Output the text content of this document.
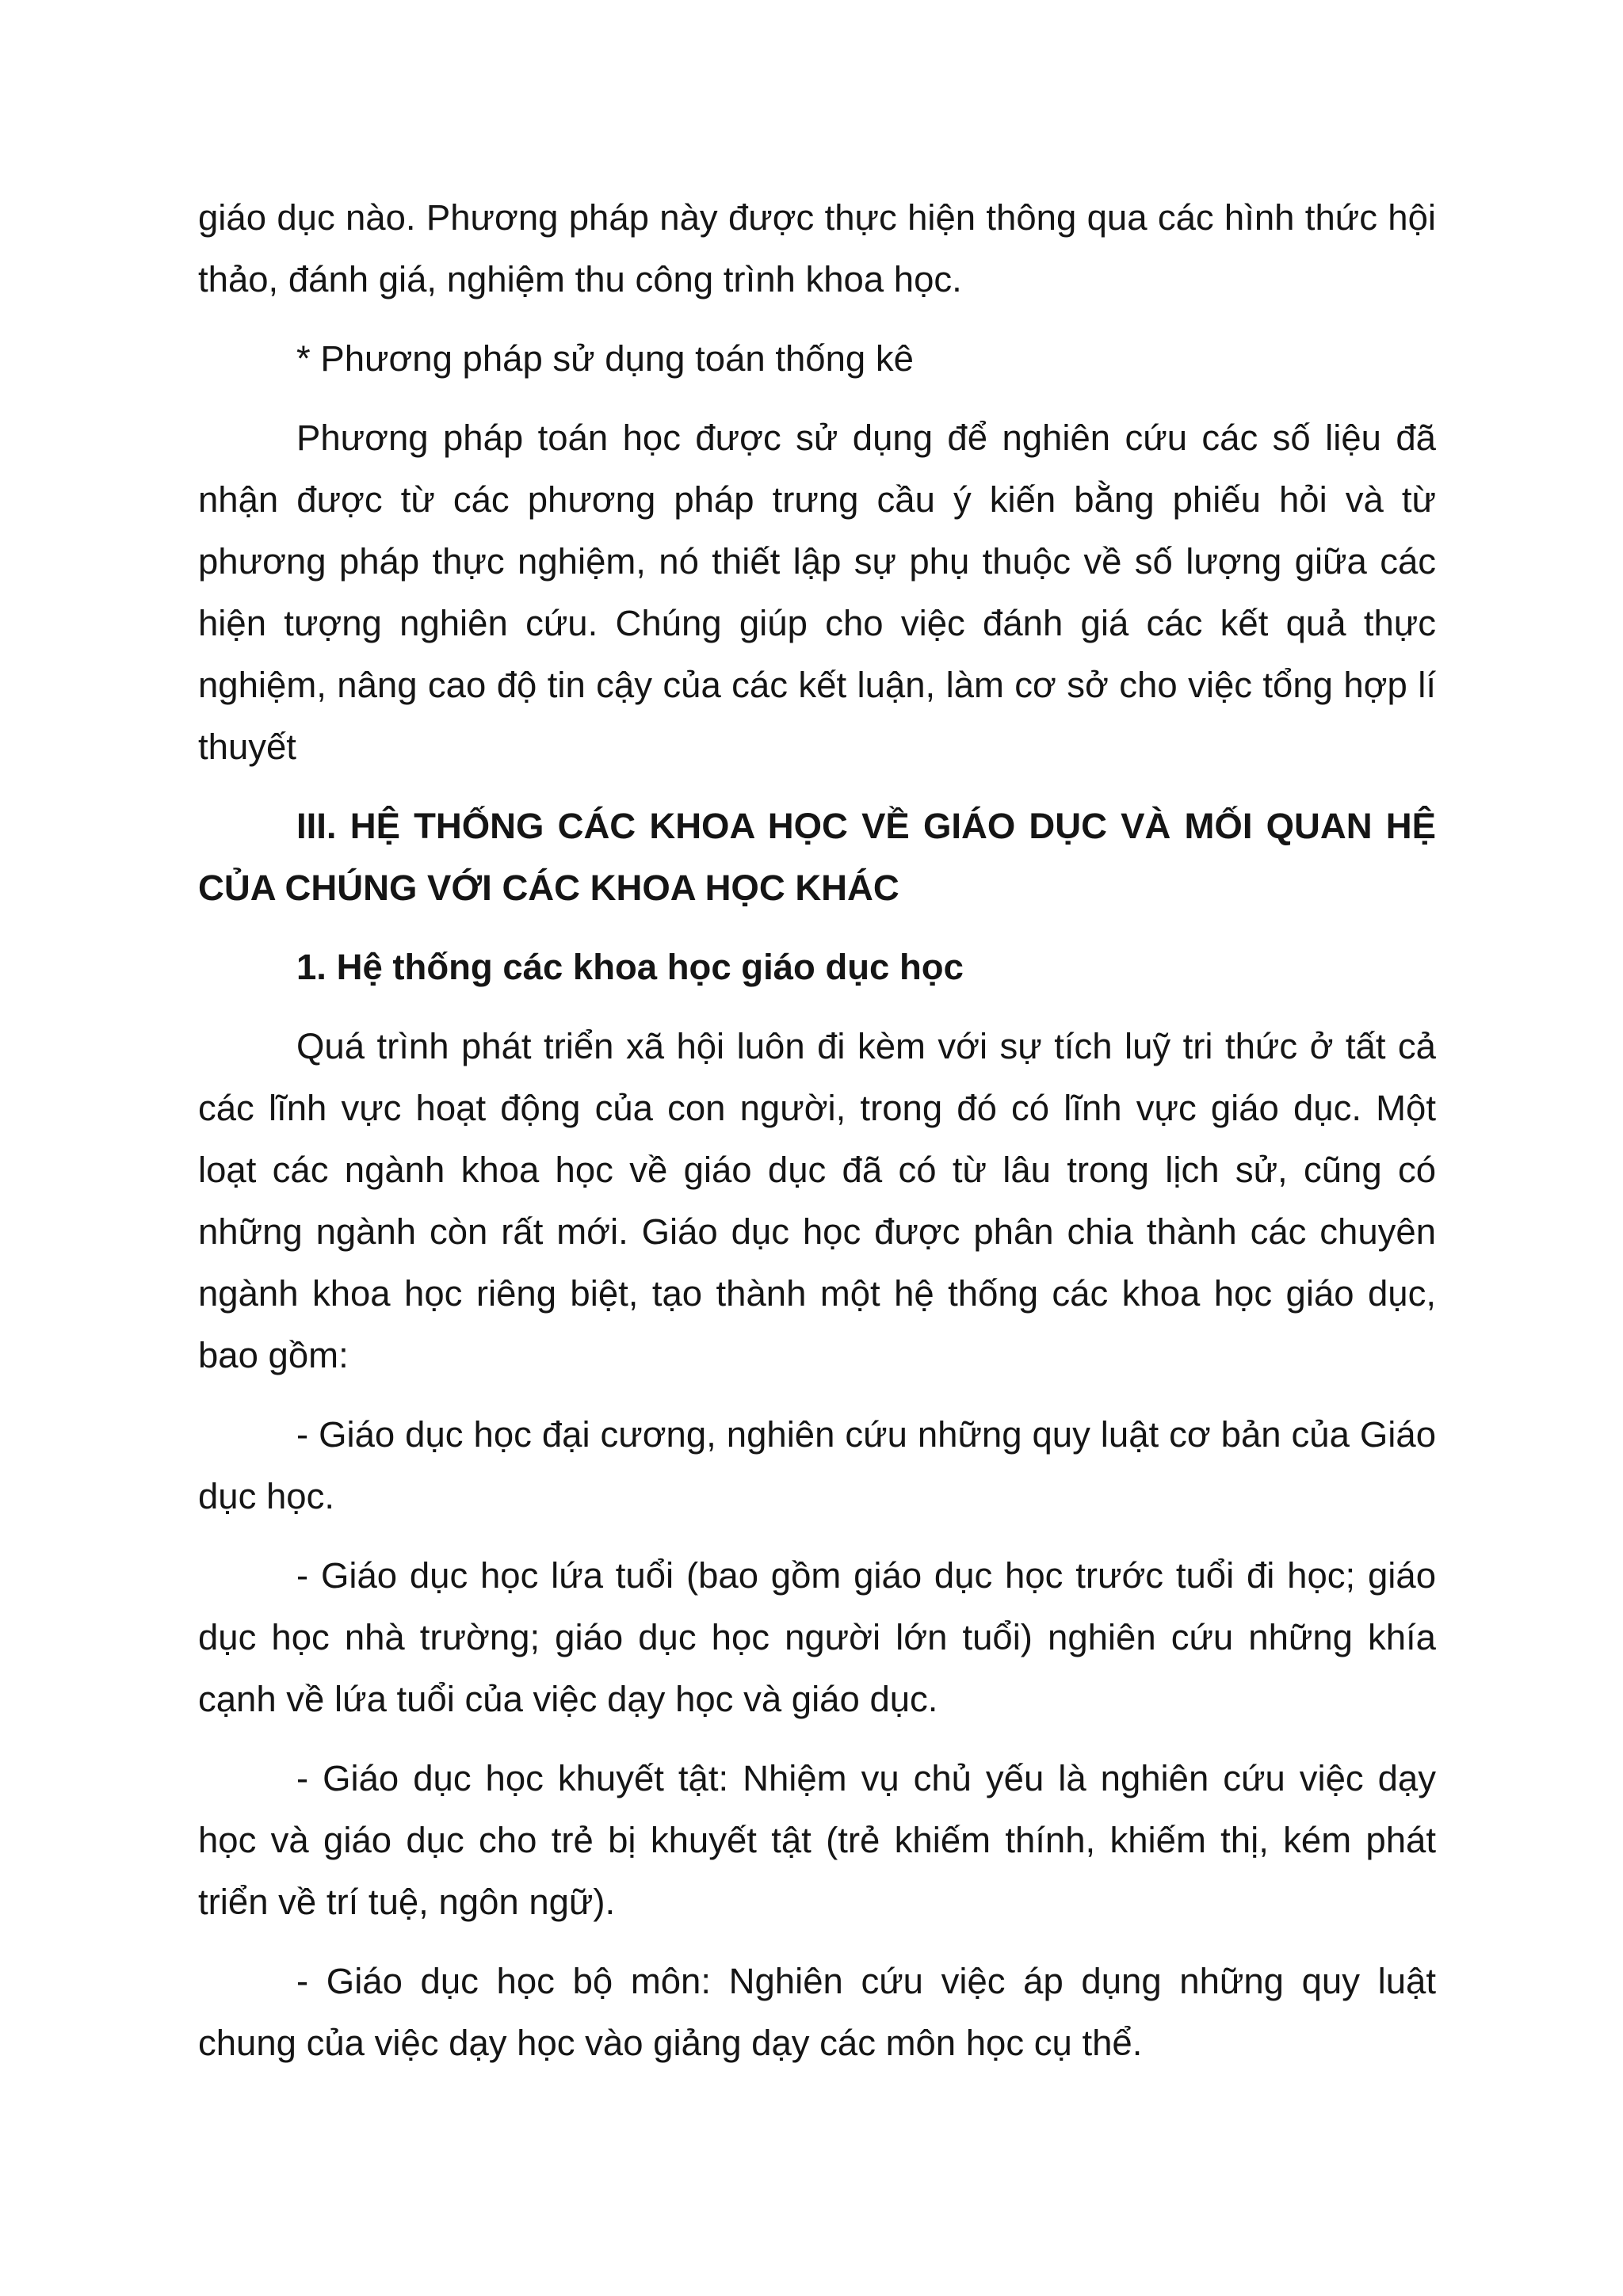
giáo dục nào. Phương pháp này được thực hiện thông qua các hình thức hội thảo, đánh giá, nghiệm thu công trình khoa học.

* Phương pháp sử dụng toán thống kê

Phương pháp toán học được sử dụng để nghiên cứu các số liệu đã nhận được từ các phương pháp trưng cầu ý kiến bằng phiếu hỏi và từ phương pháp thực nghiệm, nó thiết lập sự phụ thuộc về số lượng giữa các hiện tượng nghiên cứu. Chúng giúp cho việc đánh giá các kết quả thực nghiệm, nâng cao độ tin cậy của các kết luận, làm cơ sở cho việc tổng hợp lí thuyết

III. HỆ THỐNG CÁC KHOA HỌC VỀ GIÁO DỤC VÀ MỐI QUAN HỆ CỦA CHÚNG VỚI CÁC KHOA HỌC KHÁC

1. Hệ thống các khoa học giáo dục học

Quá trình phát triển xã hội luôn đi kèm với sự tích luỹ tri thức ở tất cả các lĩnh vực hoạt động của con người, trong đó có lĩnh vực giáo dục. Một loạt các ngành khoa học về giáo dục đã có từ lâu trong lịch sử, cũng có những ngành còn rất mới. Giáo dục học được phân chia thành các chuyên ngành khoa học riêng biệt, tạo thành một hệ thống các khoa học giáo dục, bao gồm:

- Giáo dục học đại cương, nghiên cứu những quy luật cơ bản của Giáo dục học.

- Giáo dục học lứa tuổi (bao gồm giáo dục học trước tuổi đi học; giáo dục học nhà trường; giáo dục học người lớn tuổi) nghiên cứu những khía cạnh về lứa tuổi của việc dạy học và giáo dục.

- Giáo dục học khuyết tật: Nhiệm vụ chủ yếu là nghiên cứu việc dạy học và giáo dục cho trẻ bị khuyết tật (trẻ khiếm thính, khiếm thị, kém phát triển về trí tuệ, ngôn ngữ).

- Giáo dục học bộ môn: Nghiên cứu việc áp dụng những quy luật chung của việc dạy học vào giảng dạy các môn học cụ thể.
